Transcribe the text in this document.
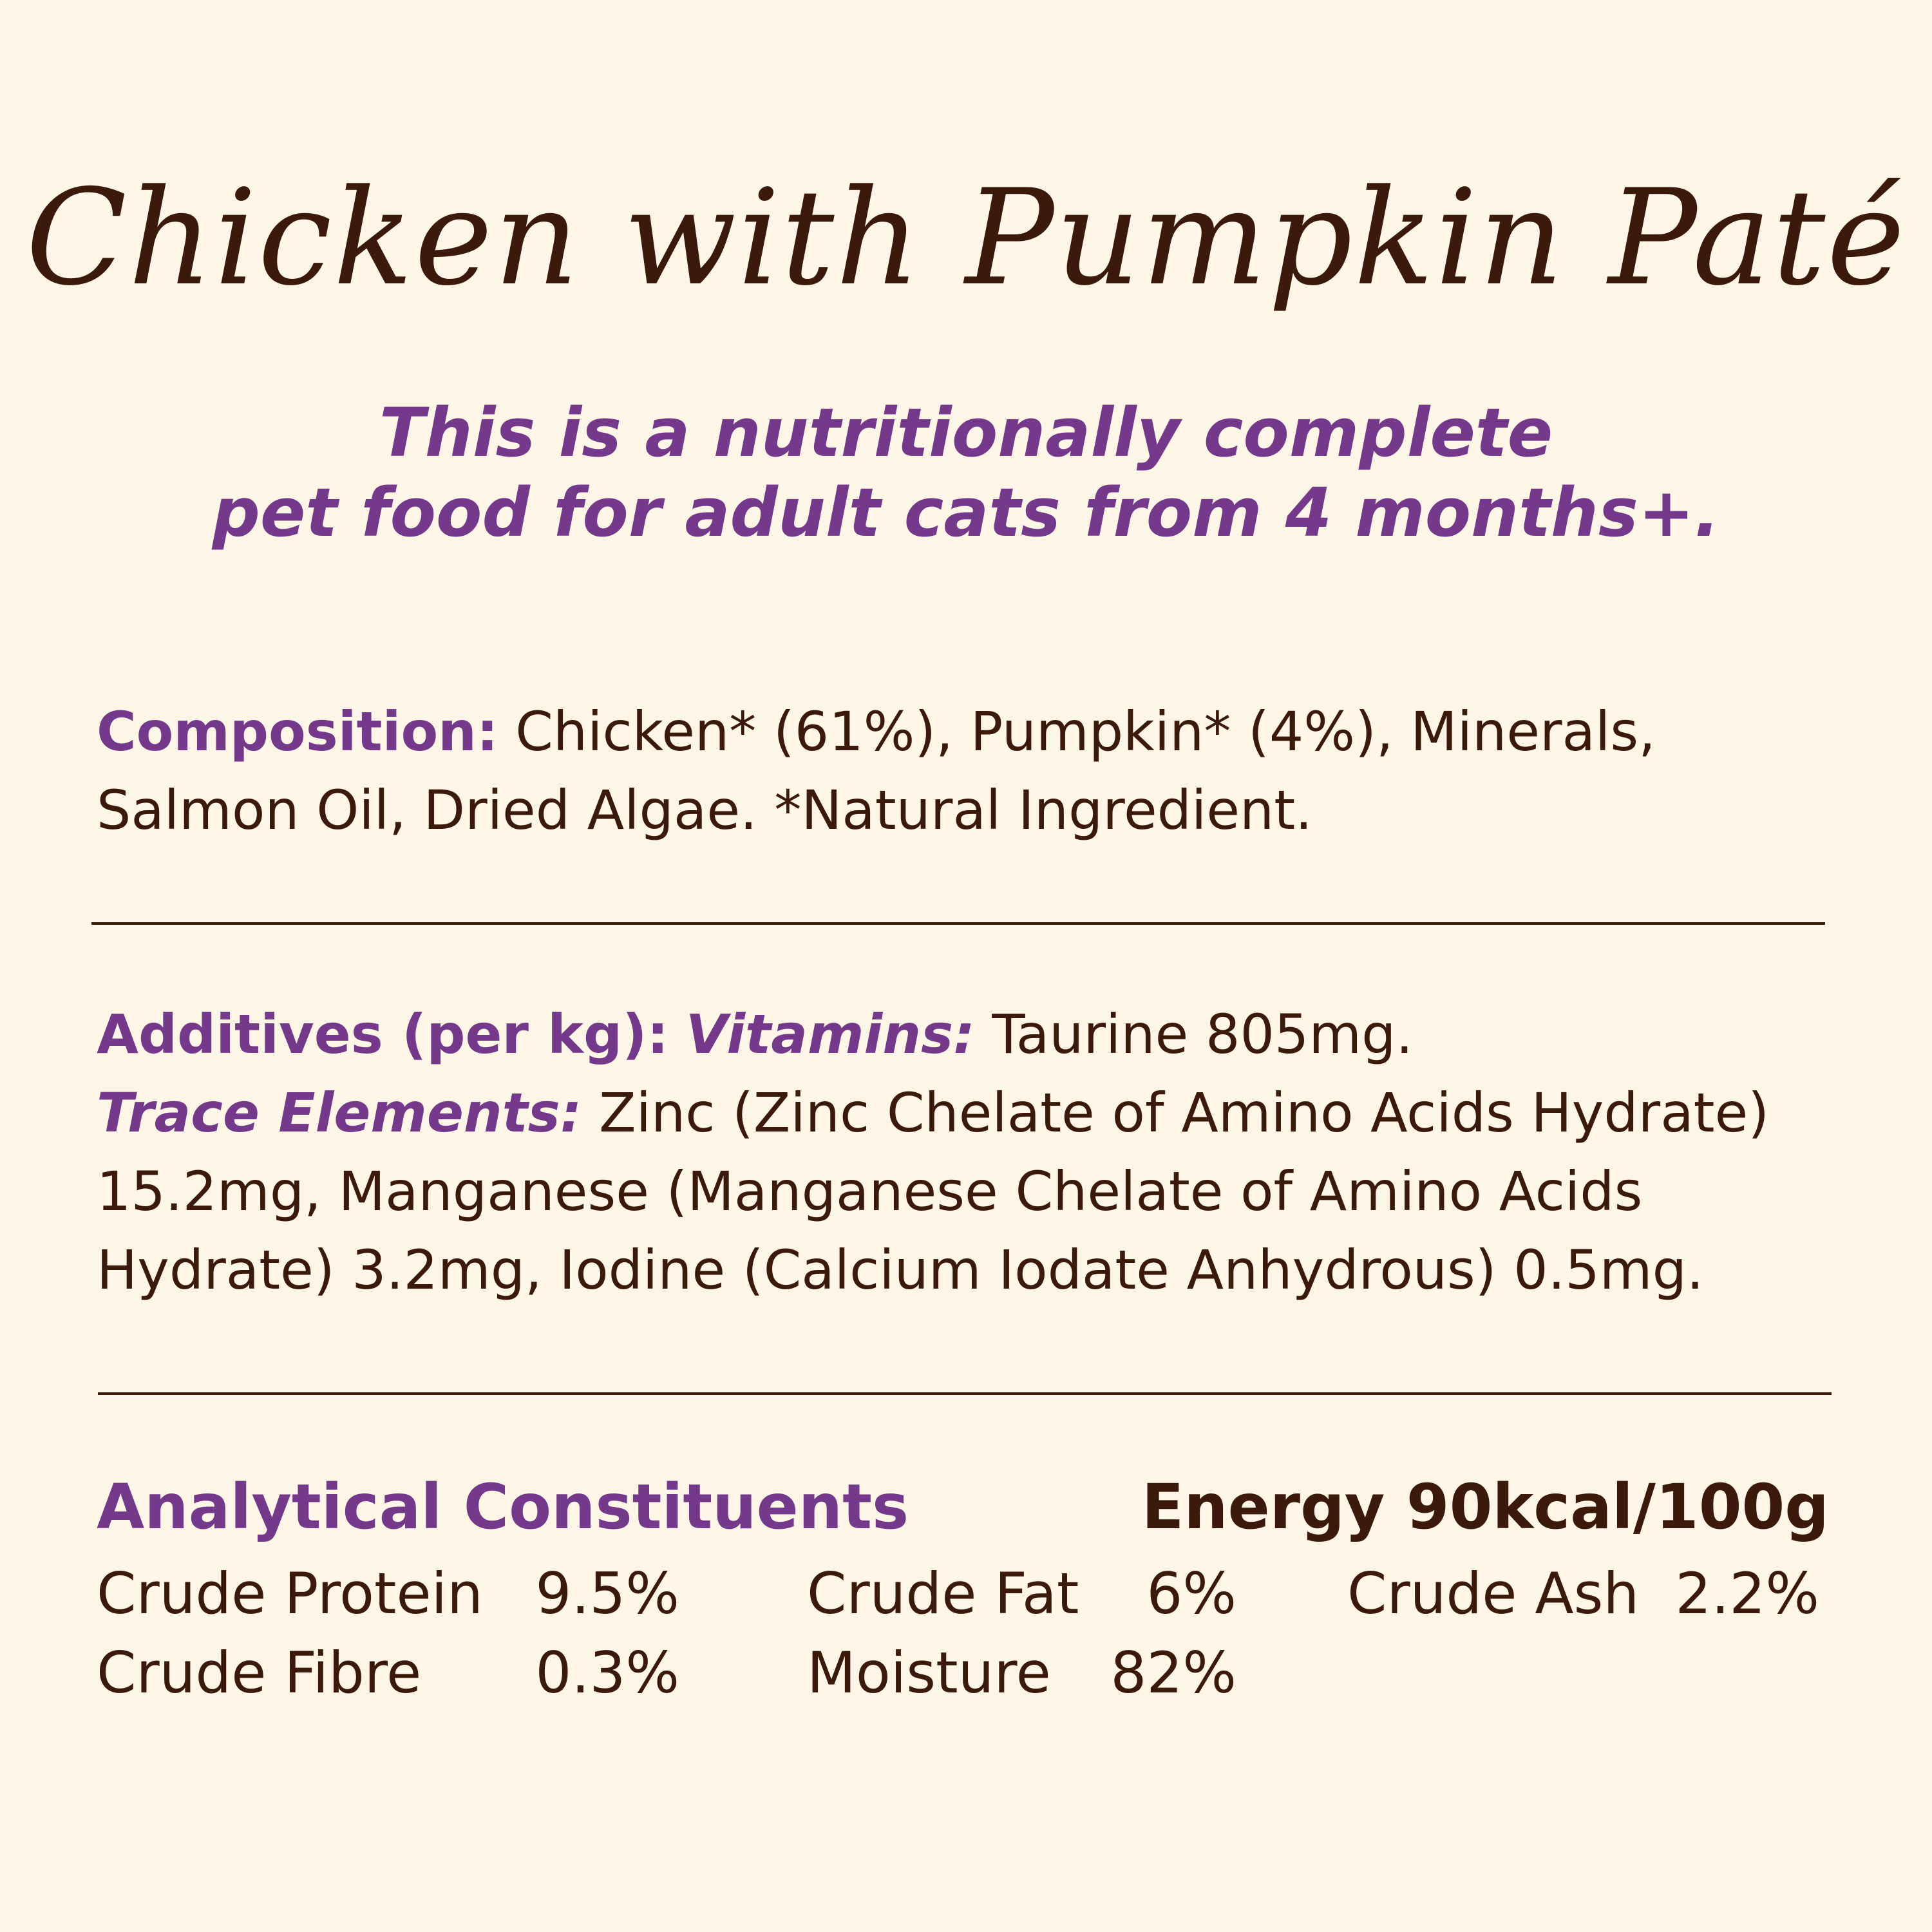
Chicken with Pumpkin Paté
This is a nutritionally complete
pet food for adult cats from 4 months+.
Composition: Chicken* (61%), Pumpkin* (4%), Minerals, Salmon Oil, Dried Algae. *Natural Ingredient.
Additives (per kg): Vitamins: Taurine 805mg.
Trace Elements: Zinc (Zinc Chelate of Amino Acids Hydrate) 15.2mg, Manganese (Manganese Chelate of Amino Acids Hydrate) 3.2mg, Iodine (Calcium Iodate Anhydrous) 0.5mg.
Analytical Constituents	Energy 90kcal/100g
Crude Protein 9.5% Crude Fat	6% Crude Ash 2.2%
Crude Fibre	0.3% Moisture	82%
